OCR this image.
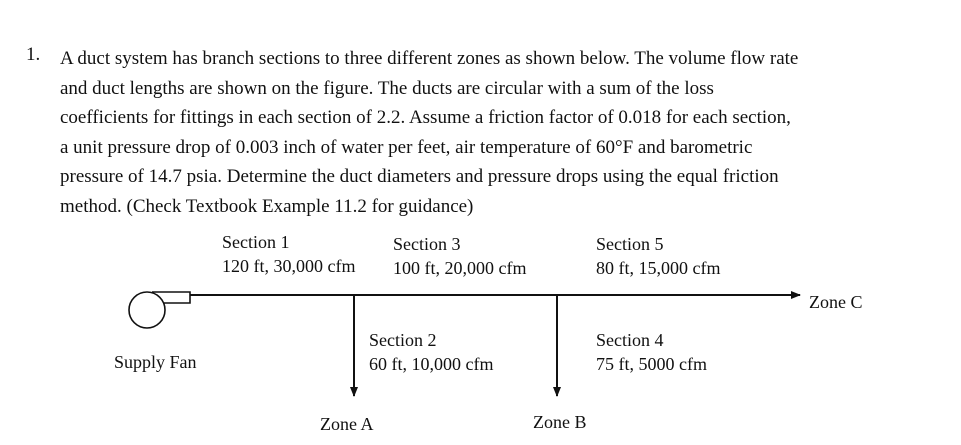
1. A duct system has branch sections to three different zones as shown below. The volume flow rate
and duct lengths are shown on the figure. The ducts are circular with a sum of the loss
coefficients for fittings in each section of 2.2. Assume a friction factor of 0.018 for each section,
a unit pressure drop of 0.003 inch of water per feet, air temperature of 60°F and barometric
pressure of 14.7 psia. Determine the duct diameters and pressure drops using the equal friction
method. (Check Textbook Example 11.2 for guidance)
Section 1
120 ft, 30,000 cfm
Section 3
100 ft, 20,000 cfm
Section 5
80 ft, 15,000 cfm
Section 2
60 ft, 10,000 cfm
Section 4
75 ft, 5000 cfm
Supply Fan
Zone A	Zone B
Zone C
